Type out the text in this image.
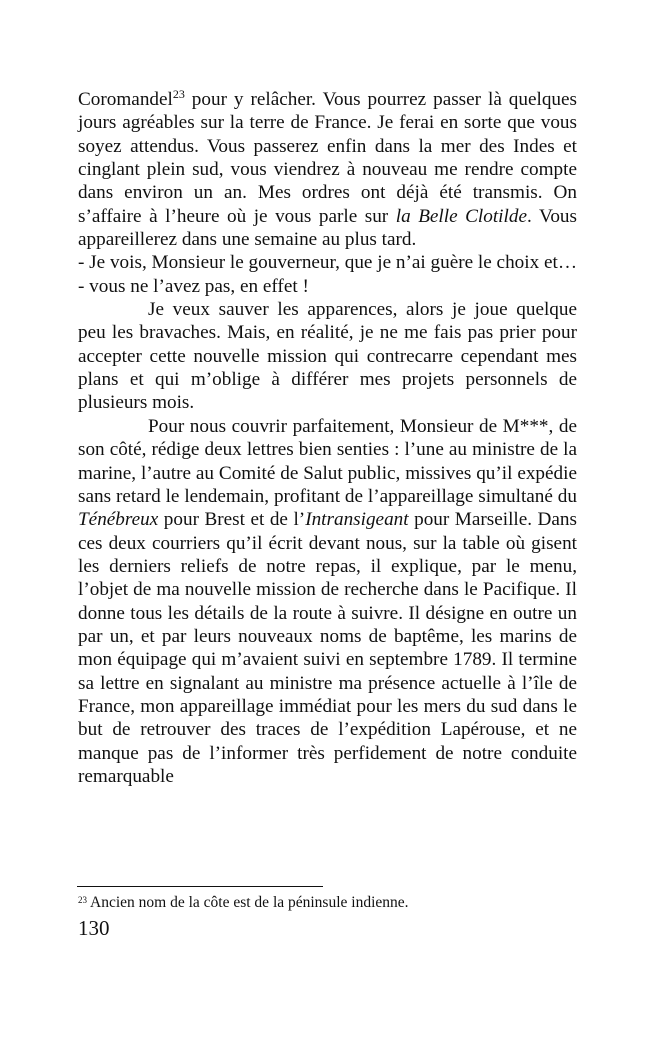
Coromandel$^{23}$ pour y relâcher. Vous pourrez passer là quelques jours agréables sur la terre de France. Je ferai en sorte que vous soyez attendus. Vous passerez enfin dans la mer des Indes et cinglant plein sud, vous viendrez à nouveau me rendre compte dans environ un an. Mes ordres ont déjà été transmis. On s’affaire à l’heure où je vous parle sur la Belle Clotilde. Vous appareillerez dans une semaine au plus tard.

- Je vois, Monsieur le gouverneur, que je n’ai guère le choix et…

- vous ne l’avez pas, en effet !

Je veux sauver les apparences, alors je joue quelque peu les bravaches. Mais, en réalité, je ne me fais pas prier pour accepter cette nouvelle mission qui contrecarre cependant mes plans et qui m’oblige à différer mes projets personnels de plusieurs mois.

Pour nous couvrir parfaitement, Monsieur de M***, de son côté, rédige deux lettres bien senties : l’une au ministre de la marine, l’autre au Comité de Salut public, missives qu’il expédie sans retard le lendemain, profitant de l’appareillage simultané du Ténébreux pour Brest et de l’Intransigeant pour Marseille. Dans ces deux courriers qu’il écrit devant nous, sur la table où gisent les derniers reliefs de notre repas, il explique, par le menu, l’objet de ma nouvelle mission de recherche dans le Pacifique. Il donne tous les détails de la route à suivre. Il désigne en outre un par un, et par leurs nouveaux noms de baptême, les marins de mon équipage qui m’avaient suivi en septembre 1789. Il termine sa lettre en signalant au ministre ma présence actuelle à l’île de France, mon appareillage immédiat pour les mers du sud dans le but de retrouver des traces de l’expédition Lapérouse, et ne manque pas de l’informer très perfidement de notre conduite remarquable

$^{23}$ Ancien nom de la côte est de la péninsule indienne.
130
